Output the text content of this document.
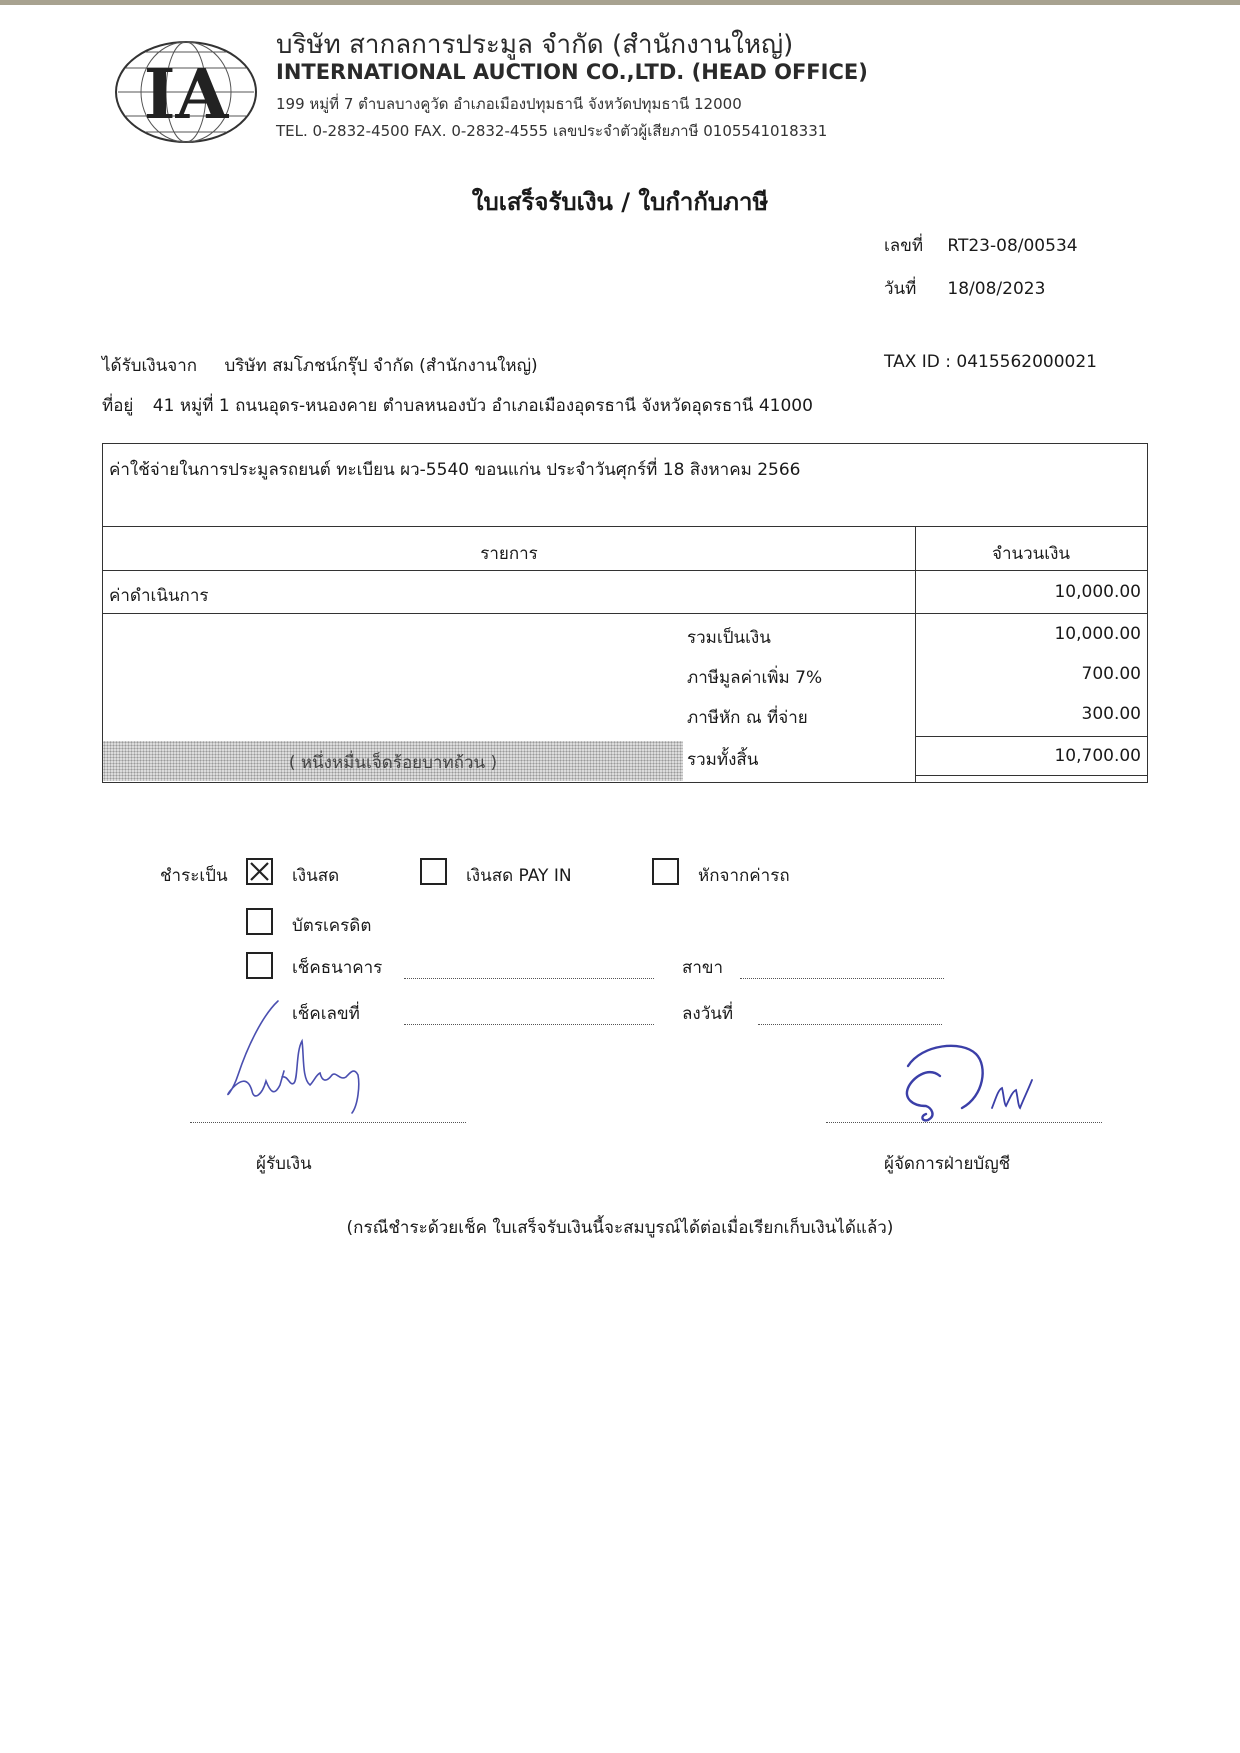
IA
บริษัท สากลการประมูล จำกัด (สำนักงานใหญ่)
INTERNATIONAL AUCTION CO.,LTD. (HEAD OFFICE)
199 หมู่ที่ 7 ตำบลบางคูวัด อำเภอเมืองปทุมธานี จังหวัดปทุมธานี 12000
TEL. 0-2832-4500 FAX. 0-2832-4555 เลขประจำตัวผู้เสียภาษี 0105541018331
ใบเสร็จรับเงิน / ใบกำกับภาษี
เลขที่ RT23-08/00534
วันที่ 18/08/2023
ได้รับเงินจาก บริษัท สมโภชน์กรุ๊ป จำกัด (สำนักงานใหญ่)	TAX ID : 0415562000021
ที่อยู่ 41 หมู่ที่ 1 ถนนอุดร-หนองคาย ตำบลหนองบัว อำเภอเมืองอุดรธานี จังหวัดอุดรธานี 41000
ค่าใช้จ่ายในการประมูลรถยนต์ ทะเบียน ผว-5540 ขอนแก่น ประจำวันศุกร์ที่ 18 สิงหาคม 2566
รายการ	จำนวนเงิน
ค่าดำเนินการ	10,000.00
รวมเป็นเงิน	10,000.00
ภาษีมูลค่าเพิ่ม 7%	700.00
ภาษีหัก ณ ที่จ่าย	300.00
( หนึ่งหมื่นเจ็ดร้อยบาทถ้วน )	รวมทั้งสิ้น	10,700.00
ชำระเป็น	เงินสด	เงินสด PAY IN	หักจากค่ารถ
บัตรเครดิต
เช็คธนาคาร	สาขา
เช็คเลขที่	ลงวันที่
ผู้รับเงิน	ผู้จัดการฝ่ายบัญชี
(กรณีชำระด้วยเช็ค ใบเสร็จรับเงินนี้จะสมบูรณ์ได้ต่อเมื่อเรียกเก็บเงินได้แล้ว)
